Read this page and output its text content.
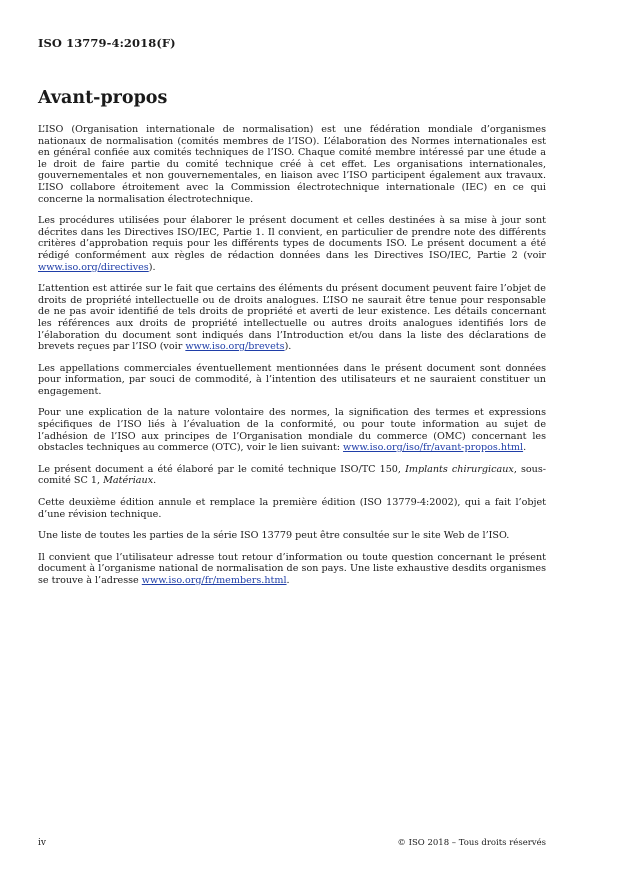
ISO 13779-4:2018(F)
Avant-propos

L’ISO (Organisation internationale de normalisation) est une fédération mondiale d’organismes nationaux de normalisation (comités membres de l’ISO). L’élaboration des Normes internationales est en général confiée aux comités techniques de l’ISO. Chaque comité membre intéressé par une étude a le droit de faire partie du comité technique créé à cet effet. Les organisations internationales, gouvernementales et non gouvernementales, en liaison avec l’ISO participent également aux travaux. L’ISO collabore étroitement avec la Commission électrotechnique internationale (IEC) en ce qui concerne la normalisation électrotechnique.

Les procédures utilisées pour élaborer le présent document et celles destinées à sa mise à jour sont décrites dans les Directives ISO/IEC, Partie 1. Il convient, en particulier de prendre note des différents critères d’approbation requis pour les différents types de documents ISO. Le présent document a été rédigé conformément aux règles de rédaction données dans les Directives ISO/IEC, Partie 2 (voir www.iso.org/directives).

L’attention est attirée sur le fait que certains des éléments du présent document peuvent faire l’objet de droits de propriété intellectuelle ou de droits analogues. L’ISO ne saurait être tenue pour responsable de ne pas avoir identifié de tels droits de propriété et averti de leur existence. Les détails concernant les références aux droits de propriété intellectuelle ou autres droits analogues identifiés lors de l’élaboration du document sont indiqués dans l’Introduction et/ou dans la liste des déclarations de brevets reçues par l’ISO (voir www.iso.org/brevets).

Les appellations commerciales éventuellement mentionnées dans le présent document sont données pour information, par souci de commodité, à l’intention des utilisateurs et ne sauraient constituer un engagement.

Pour une explication de la nature volontaire des normes, la signification des termes et expressions spécifiques de l’ISO liés à l’évaluation de la conformité, ou pour toute information au sujet de l’adhésion de l’ISO aux principes de l’Organisation mondiale du commerce (OMC) concernant les obstacles techniques au commerce (OTC), voir le lien suivant: www.iso.org/iso/fr/avant-propos.html.

Le présent document a été élaboré par le comité technique ISO/TC 150, Implants chirurgicaux, sous-comité SC 1, Matériaux.

Cette deuxième édition annule et remplace la première édition (ISO 13779-4:2002), qui a fait l’objet d’une révision technique.

Une liste de toutes les parties de la série ISO 13779 peut être consultée sur le site Web de l’ISO.

Il convient que l’utilisateur adresse tout retour d’information ou toute question concernant le présent document à l’organisme national de normalisation de son pays. Une liste exhaustive desdits organismes se trouve à l’adresse www.iso.org/fr/members.html.

iv	© ISO 2018 – Tous droits réservés
